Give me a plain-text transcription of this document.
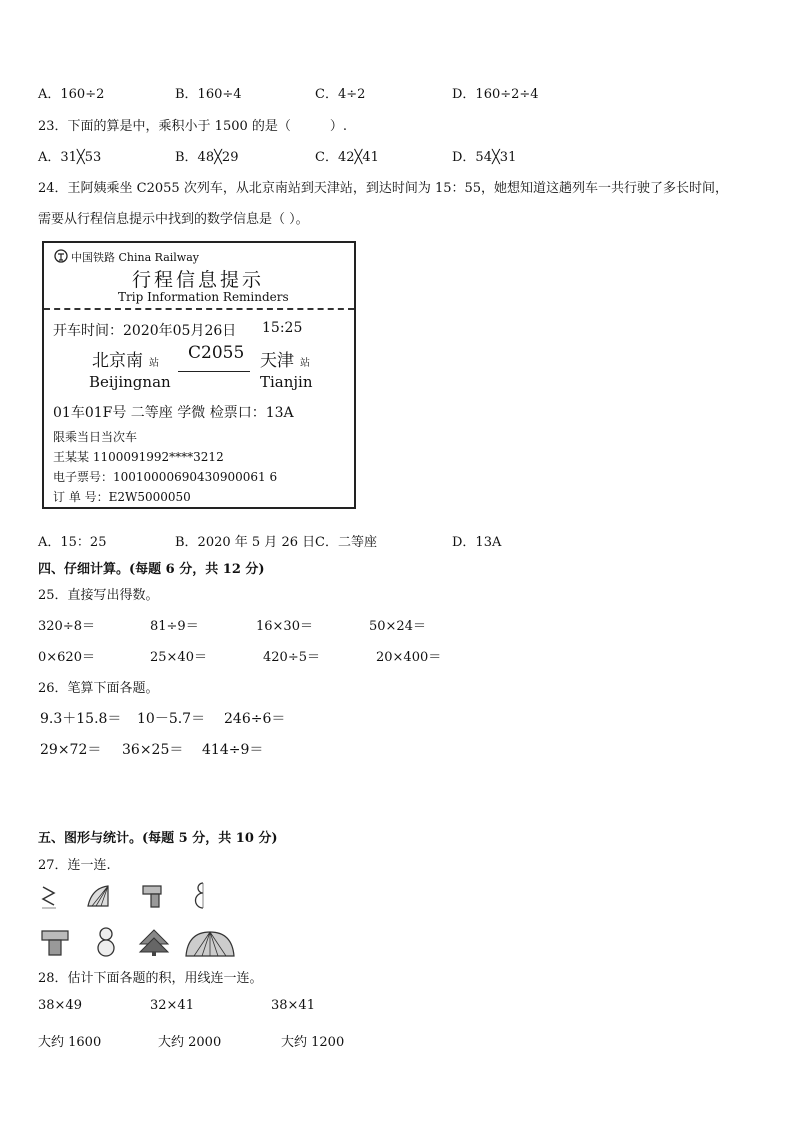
A．160÷2	B．160÷4	C．4÷2	D．160÷2÷4
23．下面的算是中，乘积小于 1500 的是（　　　）.
A．31╳53	B．48╳29	C．42╳41	D．54╳31
24．王阿姨乘坐 C2055 次列车，从北京南站到天津站，到达时间为 15：55，她想知道这趟列车一共行驶了多长时间，
需要从行程信息提示中找到的数学信息是（ ）。
中国铁路 China Railway
行程信息提示
Trip Information Reminders
开车时间：2020年05月26日 15:25
北京南 站
C2055 天津 站
Beijingnan	Tianjin
01车01F号 二等座 学微 检票口：13A
限乘当日当次车
王某某 1100091992****3212
电子票号：10010000690430900061 6
订 单 号：E2W5000050
A．15：25	B．2020 年 5 月 26 日 C．二等座	D．13A
四、仔细计算。(每题 6 分，共 12 分)
25．直接写出得数。
320÷8＝	81÷9＝	16×30＝	50×24＝
0×620＝	25×40＝	420÷5＝	20×400＝
26．笔算下面各题。
9.3＋15.8＝ 10－5.7＝ 246÷6＝
29×72＝ 36×25＝ 414÷9＝
五、图形与统计。(每题 5 分，共 10 分)
27．连一连.
28．估计下面各题的积，用线连一连。
38×49	32×41	38×41
大约 1600	大约 2000	大约 1200
